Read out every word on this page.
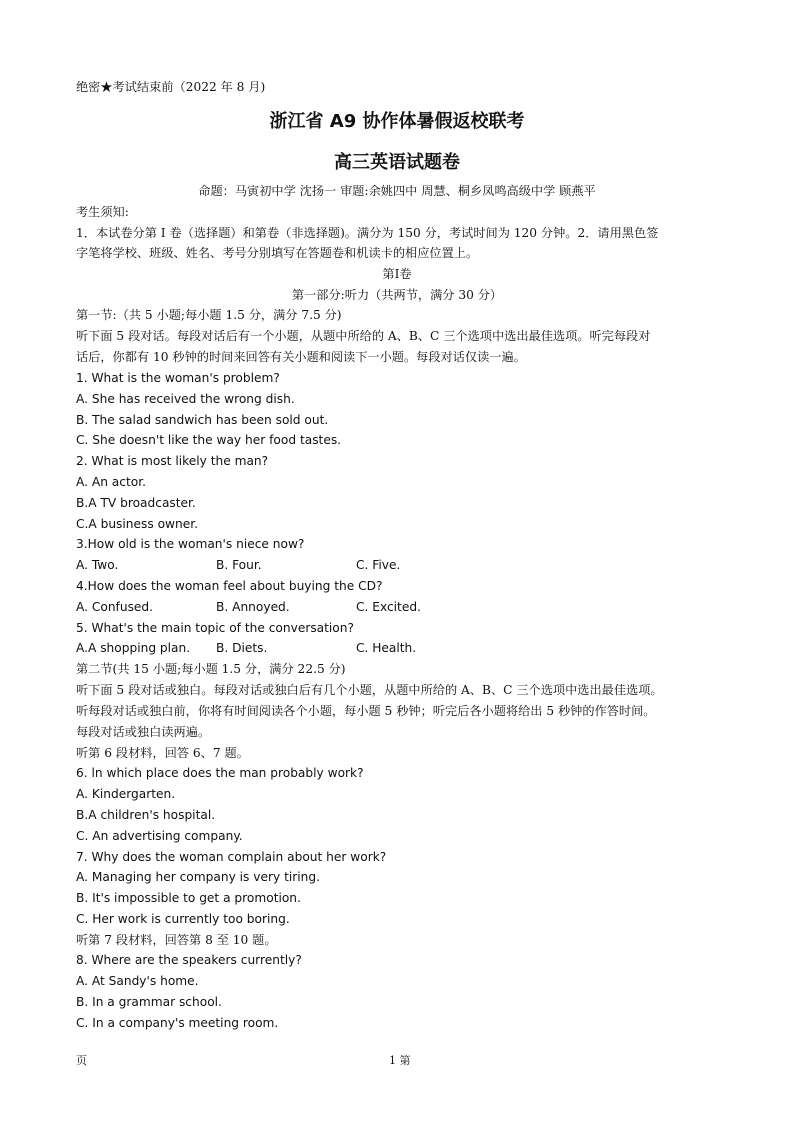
绝密★考试结束前（2022 年 8 月)
浙江省 A9 协作体暑假返校联考
高三英语试题卷
命题：马寅初中学 沈扬一 审题:余姚四中 周慧、桐乡凤鸣高级中学 顾燕平
考生须知:
1．本试卷分第 I 卷（选择题）和第卷（非选择题)。满分为 150 分，考试时间为 120 分钟。2．请用黑色签
字笔将学校、班级、姓名、考号分别填写在答题卷和机读卡的相应位置上。
第Ⅰ卷
第一部分:听力（共两节，满分 30 分）
第一节:（共 5 小题;每小题 1.5 分，满分 7.5 分)
听下面 5 段对话。每段对话后有一个小题，从题中所给的 A、B、C 三个选项中选出最佳选项。听完每段对
话后，你都有 10 秒钟的时间来回答有关小题和阅读下一小题。每段对话仅读一遍。
1. What is the woman's problem?
A. She has received the wrong dish.
B. The salad sandwich has been sold out.
C. She doesn't like the way her food tastes.
2. What is most likely the man?
A. An actor.
B.A TV broadcaster.
C.A business owner.
3.How old is the woman's niece now?
A. Two.	B. Four.	C. Five.
4.How does the woman feel about buying the CD?
A. Confused.	B. Annoyed.	C. Excited.
5. What's the main topic of the conversation?
A.A shopping plan. B. Diets.	C. Health.
第二节(共 15 小题;每小题 1.5 分，满分 22.5 分)
听下面 5 段对话或独白。每段对话或独白后有几个小题，从题中所给的 A、B、C 三个选项中选出最佳选项。
听每段对话或独白前，你将有时间阅读各个小题，每小题 5 秒钟；听完后各小题将给出 5 秒钟的作答时间。
每段对话或独白读两遍。
听第 6 段材料，回答 6、7 题。
6. ln which place does the man probably work?
A. Kindergarten.
B.A children's hospital.
C. An advertising company.
7. Why does the woman complain about her work?
A. Managing her company is very tiring.
B. It's impossible to get a promotion.
C. Her work is currently too boring.
听第 7 段材料，回答第 8 至 10 题。
8. Where are the speakers currently?
A. At Sandy's home.
B. In a grammar school.
C. In a company's meeting room.
页	1 第
